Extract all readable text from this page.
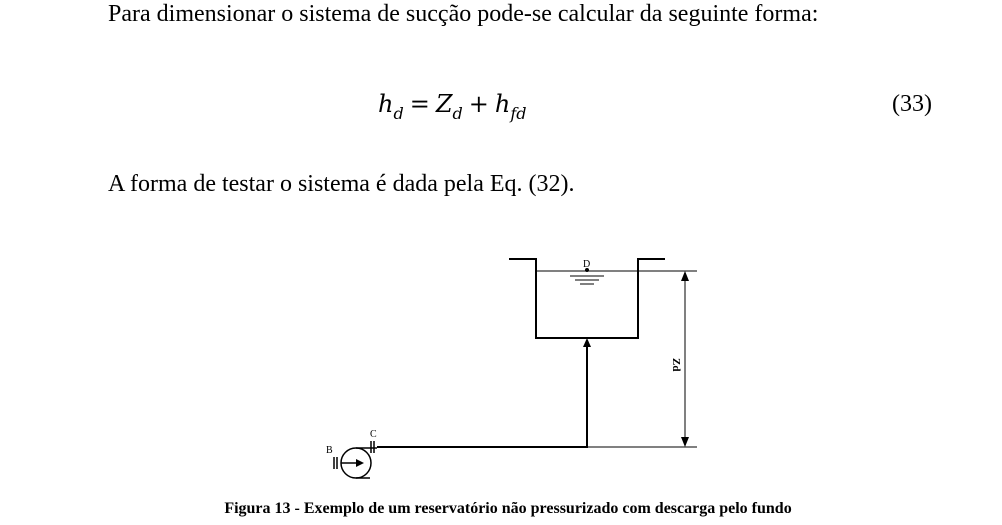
Para dimensionar o sistema de sucção pode-se calcular da seguinte forma:
$h_d = Z_d + h_{fd}$	(33)
A forma de testar o sistema é dada pela Eq. (32).
D
Zd
B
C
Figura 13 - Exemplo de um reservatório não pressurizado com descarga pelo fundo
